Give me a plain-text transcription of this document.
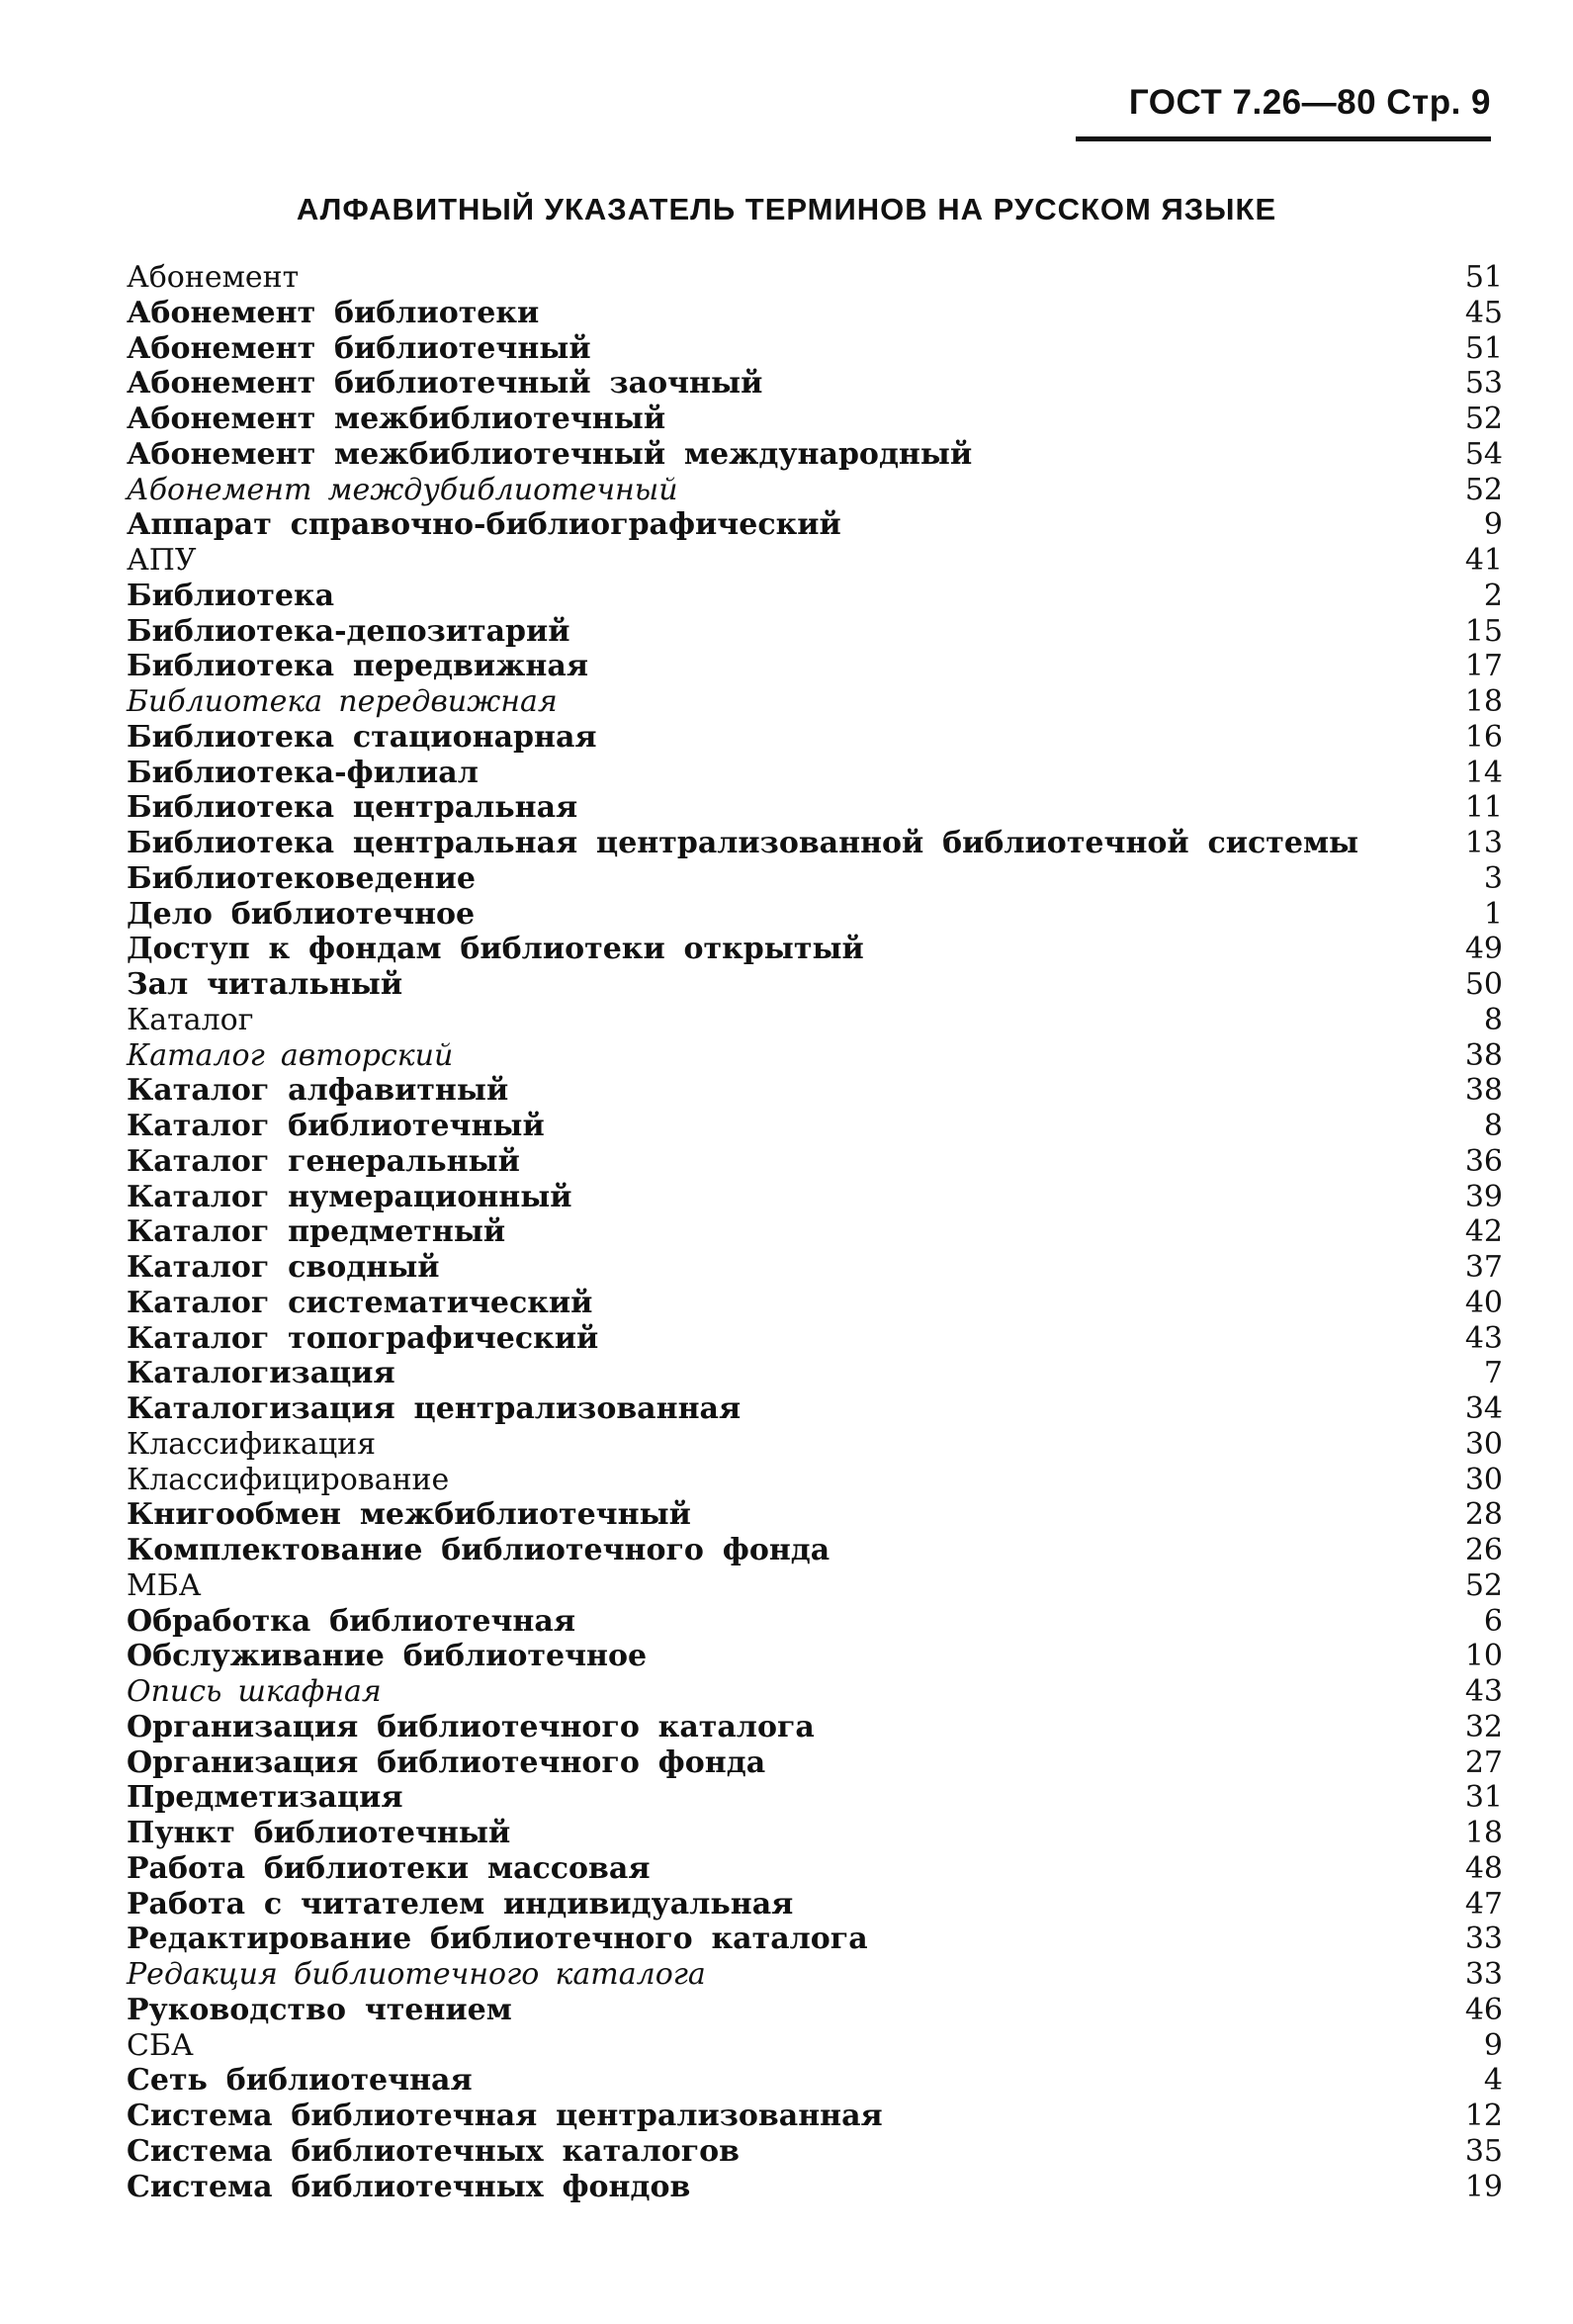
ГОСТ 7.26—80 Стр. 9
АЛФАВИТНЫЙ УКАЗАТЕЛЬ ТЕРМИНОВ НА РУССКОМ ЯЗЫКЕ
Абонемент	51
Абонемент библиотеки	45
Абонемент библиотечный	51
Абонемент библиотечный заочный	53
Абонемент межбиблиотечный	52
Абонемент межбиблиотечный международный	54
Абонемент междубиблиотечный	52
Аппарат справочно-библиографический	9
АПУ	41
Библиотека	2
Библиотека-депозитарий	15
Библиотека передвижная	17
Библиотека передвижная	18
Библиотека стационарная	16
Библиотека-филиал	14
Библиотека центральная	11
Библиотека центральная централизованной библиотечной системы	13
Библиотековедение	3
Дело библиотечное	1
Доступ к фондам библиотеки открытый	49
Зал читальный	50
Каталог	8
Каталог авторский	38
Каталог алфавитный	38
Каталог библиотечный	8
Каталог генеральный	36
Каталог нумерационный	39
Каталог предметный	42
Каталог сводный	37
Каталог систематический	40
Каталог топографический	43
Каталогизация	7
Каталогизация централизованная	34
Классификация	30
Классифицирование	30
Книгообмен межбиблиотечный	28
Комплектование библиотечного фонда	26
МБА	52
Обработка библиотечная	6
Обслуживание библиотечное	10
Опись шкафная	43
Организация библиотечного каталога	32
Организация библиотечного фонда	27
Предметизация	31
Пункт библиотечный	18
Работа библиотеки массовая	48
Работа с читателем индивидуальная	47
Редактирование библиотечного каталога	33
Редакция библиотечного каталога	33
Руководство чтением	46
СБА	9
Сеть библиотечная	4
Система библиотечная централизованная	12
Система библиотечных каталогов	35
Система библиотечных фондов	19
